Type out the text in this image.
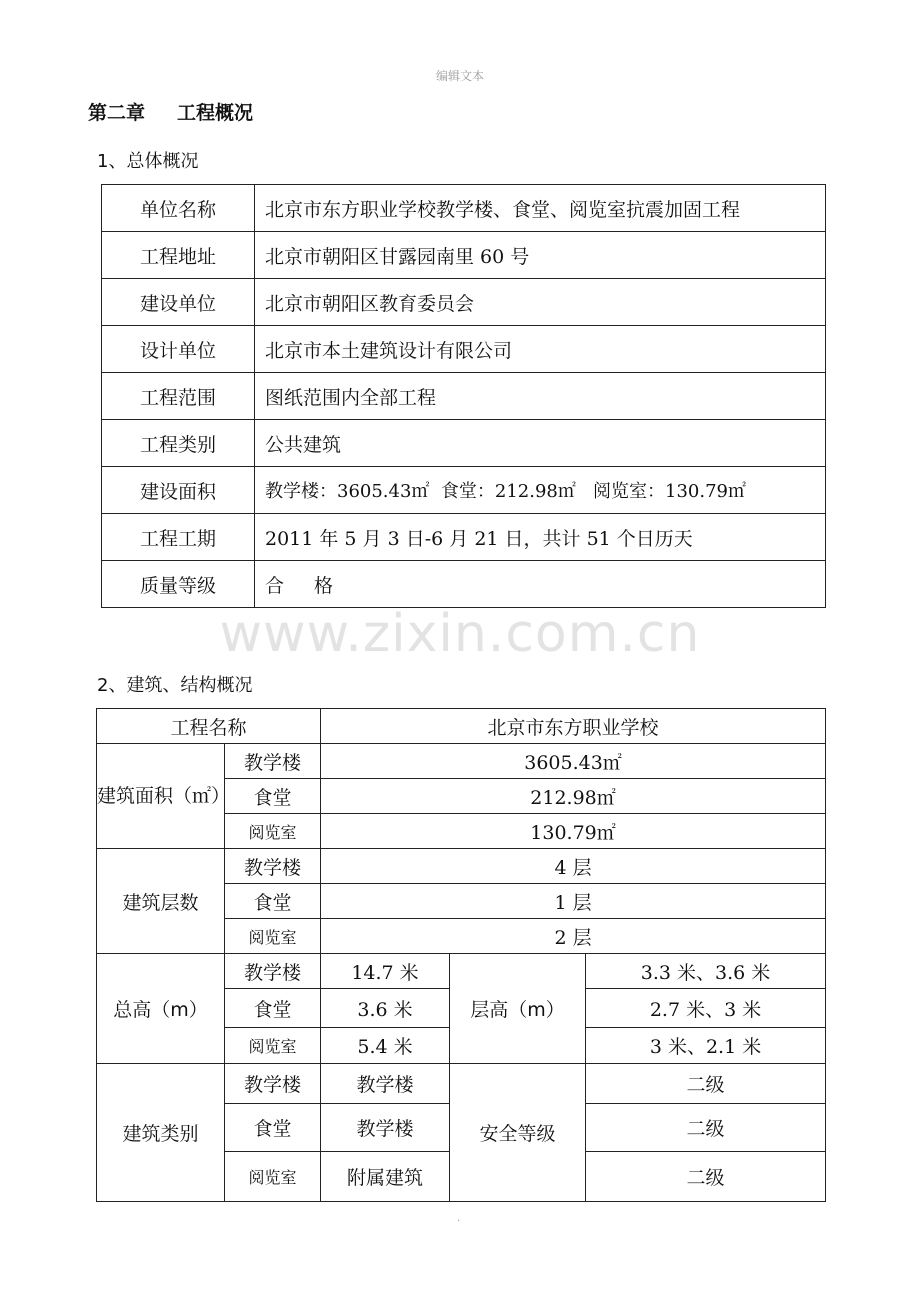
编辑文本
第二章 工程概况
1、总体概况
单位名称	北京市东方职业学校教学楼、食堂、阅览室抗震加固工程
工程地址	北京市朝阳区甘露园南里 60 号
建设单位	北京市朝阳区教育委员会
设计单位	北京市本土建筑设计有限公司
工程范围	图纸范围内全部工程
工程类别	公共建筑
建设面积	教学楼：3605.43㎡  食堂：212.98㎡   阅览室：130.79㎡
工程工期	2011 年 5 月 3 日-6 月 21 日，共计 51 个日历天
质量等级	合 格
www.zixin.com.cn
2、建筑、结构概况
工程名称		北京市东方职业学校		
建筑面积（㎡）	教学楼	3605.43㎡		
	食堂	212.98㎡		
	阅览室	130.79㎡		
建筑层数	教学楼	4 层		
	食堂	1 层		
	阅览室	2 层		
总高（m）	教学楼	14.7 米	层高（m）	3.3 米、3.6 米
	食堂	3.6 米		2.7 米、3 米
	阅览室	5.4 米		3 米、2.1 米
建筑类别	教学楼	教学楼	安全等级	二级
	食堂	教学楼		二级
	阅览室	附属建筑		二级
.
